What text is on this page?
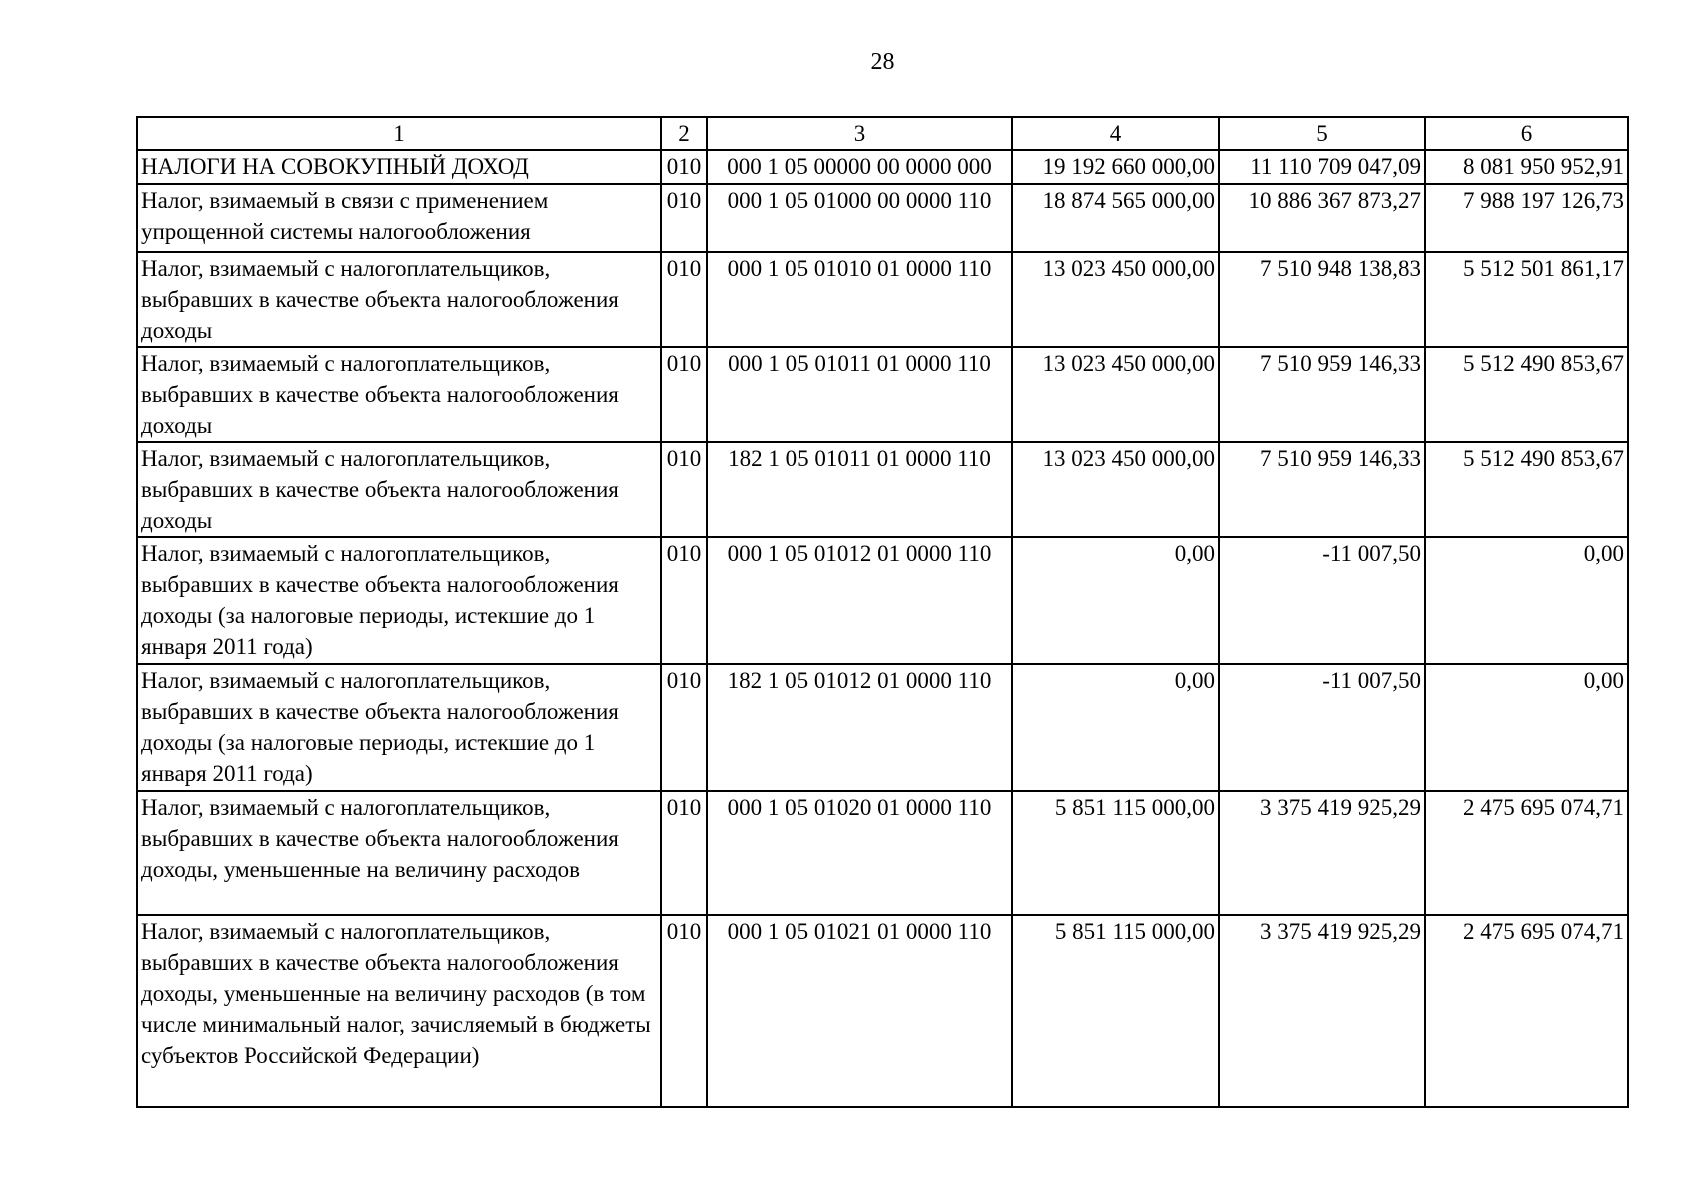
28
1	2	3	4	5	6
НАЛОГИ НА СОВОКУПНЫЙ ДОХОД	010	000 1 05 00000 00 0000 000	19 192 660 000,00	11 110 709 047,09	8 081 950 952,91
Налог, взимаемый в связи с применением упрощенной системы налогообложения	010	000 1 05 01000 00 0000 110	18 874 565 000,00	10 886 367 873,27	7 988 197 126,73
Налог, взимаемый с налогоплательщиков, выбравших в качестве объекта налогообложения доходы	010	000 1 05 01010 01 0000 110	13 023 450 000,00	7 510 948 138,83	5 512 501 861,17
Налог, взимаемый с налогоплательщиков, выбравших в качестве объекта налогообложения доходы	010	000 1 05 01011 01 0000 110	13 023 450 000,00	7 510 959 146,33	5 512 490 853,67
Налог, взимаемый с налогоплательщиков, выбравших в качестве объекта налогообложения доходы	010	182 1 05 01011 01 0000 110	13 023 450 000,00	7 510 959 146,33	5 512 490 853,67
Налог, взимаемый с налогоплательщиков, выбравших в качестве объекта налогообложения доходы (за налоговые периоды, истекшие до 1 января 2011 года)	010	000 1 05 01012 01 0000 110	0,00	-11 007,50	0,00
Налог, взимаемый с налогоплательщиков, выбравших в качестве объекта налогообложения доходы (за налоговые периоды, истекшие до 1 января 2011 года)	010	182 1 05 01012 01 0000 110	0,00	-11 007,50	0,00
Налог, взимаемый с налогоплательщиков, выбравших в качестве объекта налогообложения доходы, уменьшенные на величину расходов	010	000 1 05 01020 01 0000 110	5 851 115 000,00	3 375 419 925,29	2 475 695 074,71
Налог, взимаемый с налогоплательщиков, выбравших в качестве объекта налогообложения доходы, уменьшенные на величину расходов (в том числе минимальный налог, зачисляемый в бюджеты субъектов Российской Федерации)	010	000 1 05 01021 01 0000 110	5 851 115 000,00	3 375 419 925,29	2 475 695 074,71
